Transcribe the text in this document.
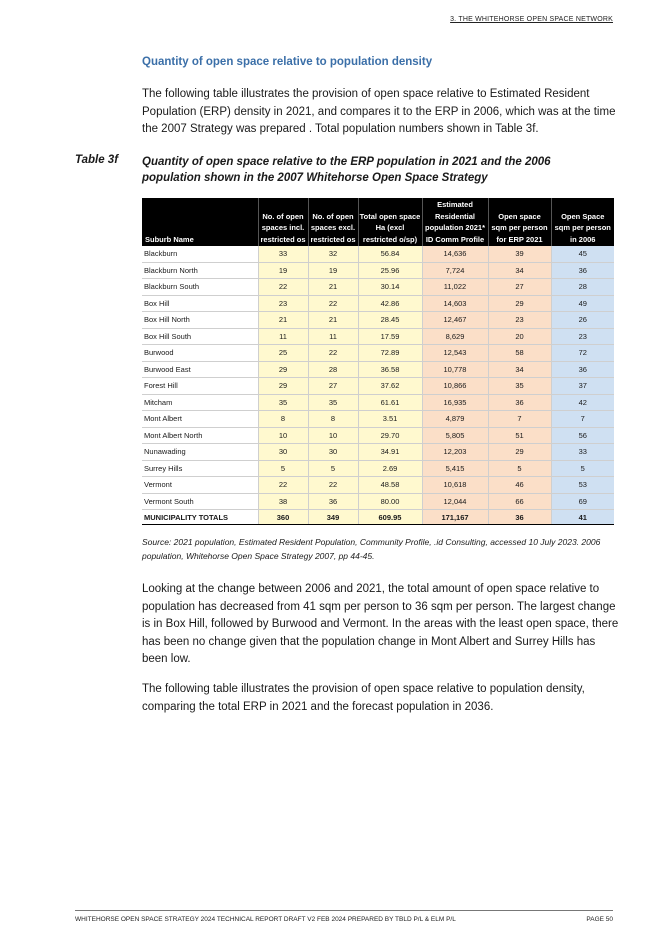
3. THE WHITEHORSE OPEN SPACE NETWORK
Quantity of open space relative to population density

The following table illustrates the provision of open space relative to Estimated Resident Population (ERP) density in 2021, and compares it to the ERP in 2006, which was at the time the 2007 Strategy was prepared . Total population numbers shown in Table 3f.

Table 3f Quantity of open space relative to the ERP population in 2021 and the 2006 population shown in the 2007 Whitehorse Open Space Strategy
Suburb Name	No. of open spaces incl. restricted os	No. of open spaces excl. restricted os	Total open space Ha (excl restricted o/sp)	Estimated Residential population 2021* ID Comm Profile	Open space sqm per person for ERP 2021	Open Space sqm per person in 2006
Blackburn	33	32	56.84	14,636	39	45
Blackburn North	19	19	25.96	7,724	34	36
Blackburn South	22	21	30.14	11,022	27	28
Box Hill	23	22	42.86	14,603	29	49
Box Hill North	21	21	28.45	12,467	23	26
Box Hill South	11	11	17.59	8,629	20	23
Burwood	25	22	72.89	12,543	58	72
Burwood East	29	28	36.58	10,778	34	36
Forest Hill	29	27	37.62	10,866	35	37
Mitcham	35	35	61.61	16,935	36	42
Mont Albert	8	8	3.51	4,879	7	7
Mont Albert North	10	10	29.70	5,805	51	56
Nunawading	30	30	34.91	12,203	29	33
Surrey Hills	5	5	2.69	5,415	5	5
Vermont	22	22	48.58	10,618	46	53
Vermont South	38	36	80.00	12,044	66	69
MUNICIPALITY TOTALS	360	349	609.95	171,167	36	41

Source: 2021 population, Estimated Resident Population, Community Profile, .id Consulting, accessed 10 July 2023. 2006 population, Whitehorse Open Space Strategy 2007, pp 44-45.

Looking at the change between 2006 and 2021, the total amount of open space relative to population has decreased from 41 sqm per person to 36 sqm per person. The largest change is in Box Hill, followed by Burwood and Vermont. In the areas with the least open space, there has been no change given that the population change in Mont Albert and Surrey Hills has been low.

The following table illustrates the provision of open space relative to population density, comparing the total ERP in 2021 and the forecast population in 2036.

WHITEHORSE OPEN SPACE STRATEGY 2024 TECHNICAL REPORT DRAFT V2 FEB 2024 PREPARED BY TBLD P/L & ELM P/L	PAGE 50
